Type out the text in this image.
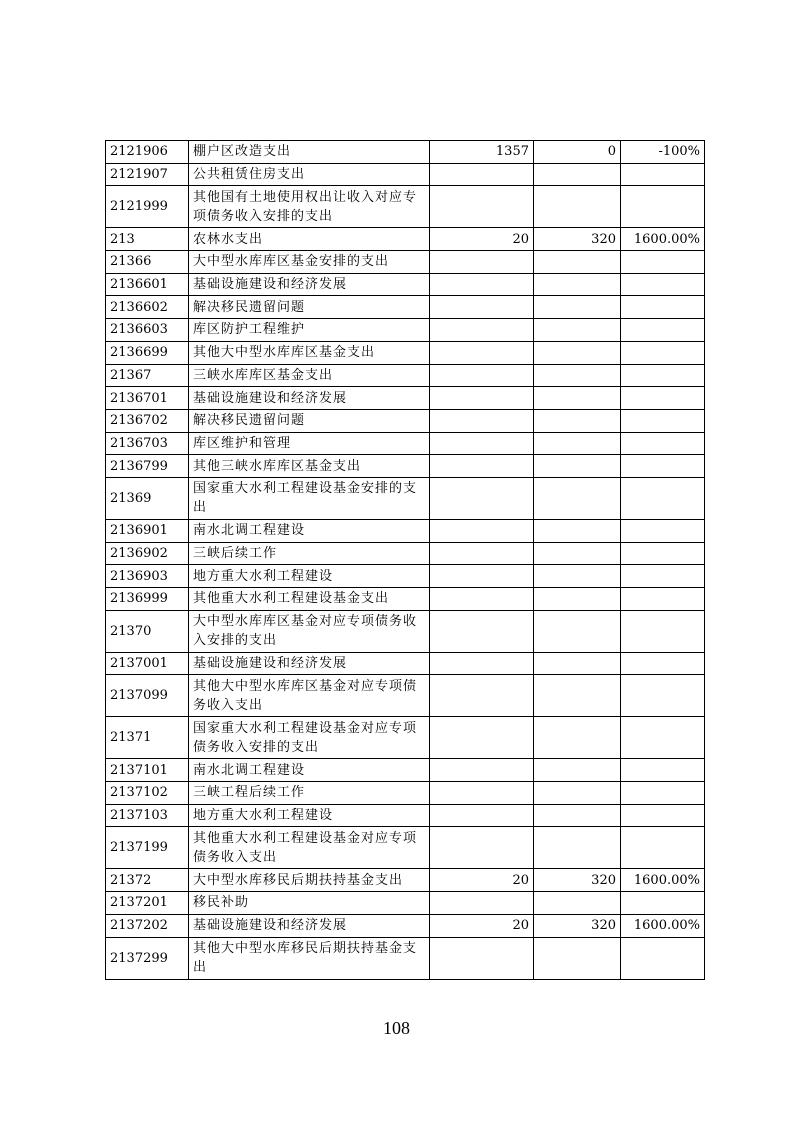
2121906	棚户区改造支出	1357	0	-100%
2121907	公共租赁住房支出			
2121999	其他国有土地使用权出让收入对应专项债务收入安排的支出			
213	农林水支出	20	320	1600.00%
21366	大中型水库库区基金安排的支出			
2136601	基础设施建设和经济发展			
2136602	解决移民遗留问题			
2136603	库区防护工程维护			
2136699	其他大中型水库库区基金支出			
21367	三峡水库库区基金支出			
2136701	基础设施建设和经济发展			
2136702	解决移民遗留问题			
2136703	库区维护和管理			
2136799	其他三峡水库库区基金支出			
21369	国家重大水利工程建设基金安排的支出			
2136901	南水北调工程建设			
2136902	三峡后续工作			
2136903	地方重大水利工程建设			
2136999	其他重大水利工程建设基金支出			
21370	大中型水库库区基金对应专项债务收入安排的支出			
2137001	基础设施建设和经济发展			
2137099	其他大中型水库库区基金对应专项债务收入支出			
21371	国家重大水利工程建设基金对应专项债务收入安排的支出			
2137101	南水北调工程建设			
2137102	三峡工程后续工作			
2137103	地方重大水利工程建设			
2137199	其他重大水利工程建设基金对应专项债务收入支出			
21372	大中型水库移民后期扶持基金支出	20	320	1600.00%
2137201	移民补助			
2137202	基础设施建设和经济发展	20	320	1600.00%
2137299	其他大中型水库移民后期扶持基金支出			
108
